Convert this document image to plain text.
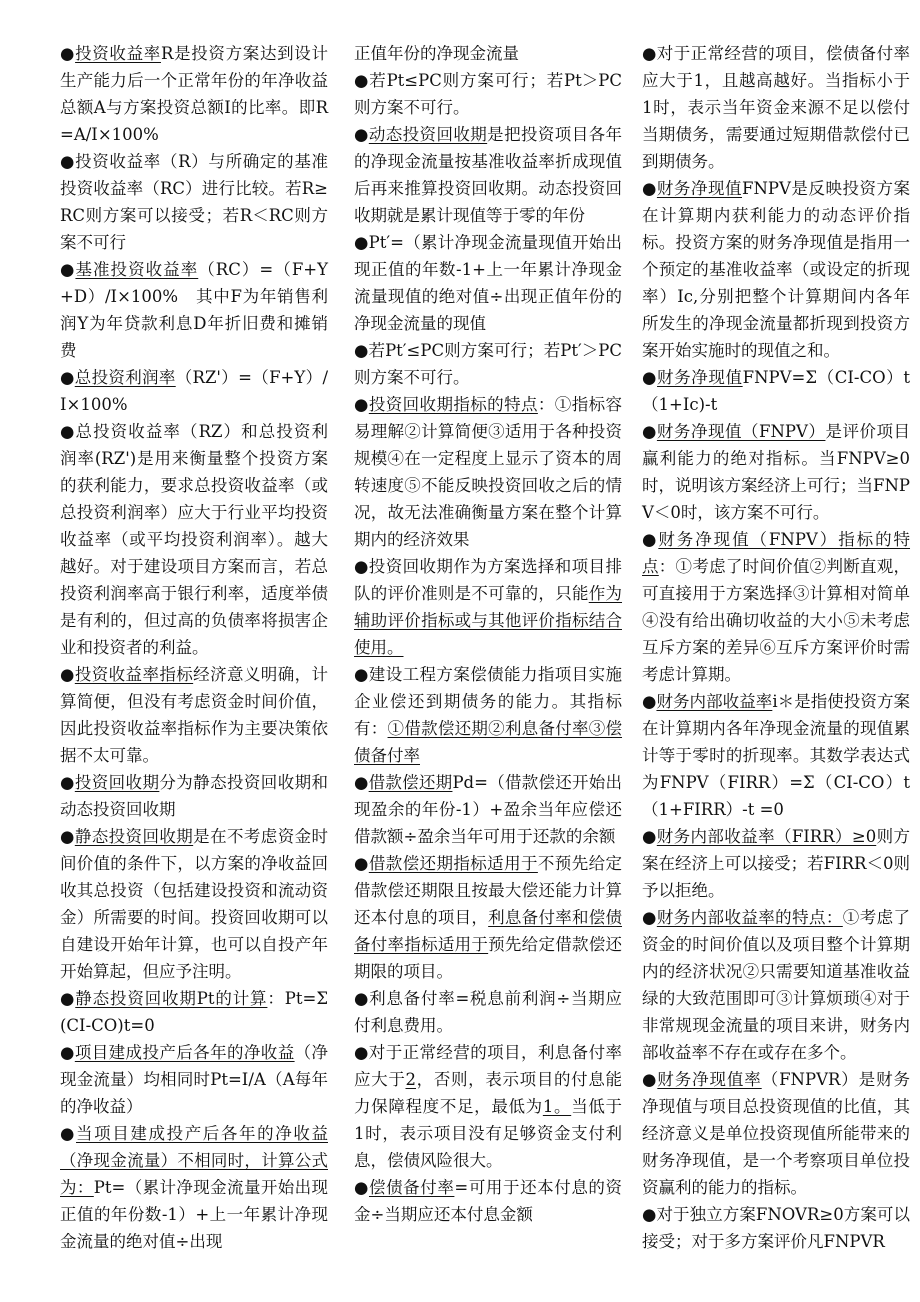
●投资收益率R是投资方案达到设计生产能力后一个正常年份的年净收益总额A与方案投资总额I的比率。即R=A/I×100%

●投资收益率（R）与所确定的基准投资收益率（RC）进行比较。若R≥RC则方案可以接受；若R＜RC则方案不可行

●基准投资收益率（RC）=（F+Y+D）/I×100%　其中F为年销售利润Y为年贷款利息D年折旧费和摊销费

●总投资利润率（RZ'）=（F+Y）/I×100%

●总投资收益率（RZ）和总投资利润率(RZ')是用来衡量整个投资方案的获利能力，要求总投资收益率（或总投资利润率）应大于行业平均投资收益率（或平均投资利润率）。越大越好。对于建设项目方案而言，若总投资利润率高于银行利率，适度举债是有利的，但过高的负债率将损害企业和投资者的利益。

●投资收益率指标经济意义明确，计算简便，但没有考虑资金时间价值，因此投资收益率指标作为主要决策依据不太可靠。

●投资回收期分为静态投资回收期和动态投资回收期

●静态投资回收期是在不考虑资金时间价值的条件下，以方案的净收益回收其总投资（包括建设投资和流动资金）所需要的时间。投资回收期可以自建设开始年计算，也可以自投产年开始算起，但应予注明。

●静态投资回收期Pt的计算：Pt=Σ(CI-CO)t=0

●项目建成投产后各年的净收益（净现金流量）均相同时Pt=I/A（A每年的净收益）

●当项目建成投产后各年的净收益（净现金流量）不相同时，计算公式为：Pt=（累计净现金流量开始出现正值的年份数-1）+上一年累计净现金流量的绝对值÷出现

正值年份的净现金流量

●若Pt≤PC则方案可行；若Pt＞PC则方案不可行。

●动态投资回收期是把投资项目各年的净现金流量按基准收益率折成现值后再来推算投资回收期。动态投资回收期就是累计现值等于零的年份

●Pt′=（累计净现金流量现值开始出现正值的年数-1+上一年累计净现金流量现值的绝对值÷出现正值年份的净现金流量的现值

●若Pt′≤PC则方案可行；若Pt′＞PC则方案不可行。

●投资回收期指标的特点：①指标容易理解②计算简便③适用于各种投资规模④在一定程度上显示了资本的周转速度⑤不能反映投资回收之后的情况，故无法准确衡量方案在整个计算期内的经济效果

●投资回收期作为方案选择和项目排队的评价准则是不可靠的，只能作为辅助评价指标或与其他评价指标结合使用。

●建设工程方案偿债能力指项目实施企业偿还到期债务的能力。其指标有：①借款偿还期②利息备付率③偿债备付率

●借款偿还期Pd=（借款偿还开始出现盈余的年份-1）+盈余当年应偿还借款额÷盈余当年可用于还款的余额

●借款偿还期指标适用于不预先给定借款偿还期限且按最大偿还能力计算还本付息的项目，利息备付率和偿债备付率指标适用于预先给定借款偿还期限的项目。

●利息备付率=税息前利润÷当期应付利息费用。

●对于正常经营的项目，利息备付率应大于2，否则，表示项目的付息能力保障程度不足，最低为1。当低于1时，表示项目没有足够资金支付利息，偿债风险很大。

●偿债备付率=可用于还本付息的资金÷当期应还本付息金额

●对于正常经营的项目，偿债备付率应大于1，且越高越好。当指标小于1时，表示当年资金来源不足以偿付当期债务，需要通过短期借款偿付已到期债务。

●财务净现值FNPV是反映投资方案在计算期内获利能力的动态评价指标。投资方案的财务净现值是指用一个预定的基准收益率（或设定的折现率）Ic,分别把整个计算期间内各年所发生的净现金流量都折现到投资方案开始实施时的现值之和。

●财务净现值FNPV=Σ（CI-CO）t（1+Ic)-t

●财务净现值（FNPV）是评价项目赢利能力的绝对指标。当FNPV≥0时，说明该方案经济上可行；当FNPV＜0时，该方案不可行。

●财务净现值（FNPV）指标的特点：①考虑了时间价值②判断直观，可直接用于方案选择③计算相对简单④没有给出确切收益的大小⑤未考虑互斥方案的差异⑥互斥方案评价时需考虑计算期。

●财务内部收益率i＊是指使投资方案在计算期内各年净现金流量的现值累计等于零时的折现率。其数学表达式为FNPV（FIRR）=Σ（CI-CO）t（1+FIRR）-t =0

●财务内部收益率（FIRR）≥0则方案在经济上可以接受；若FIRR＜0则予以拒绝。

●财务内部收益率的特点：①考虑了资金的时间价值以及项目整个计算期内的经济状况②只需要知道基准收益绿的大致范围即可③计算烦琐④对于非常规现金流量的项目来讲，财务内部收益率不存在或存在多个。

●财务净现值率（FNPVR）是财务净现值与项目总投资现值的比值，其经济意义是单位投资现值所能带来的财务净现值，是一个考察项目单位投资赢利的能力的指标。

●对于独立方案FNOVR≥0方案可以接受；对于多方案评价凡FNPVR
